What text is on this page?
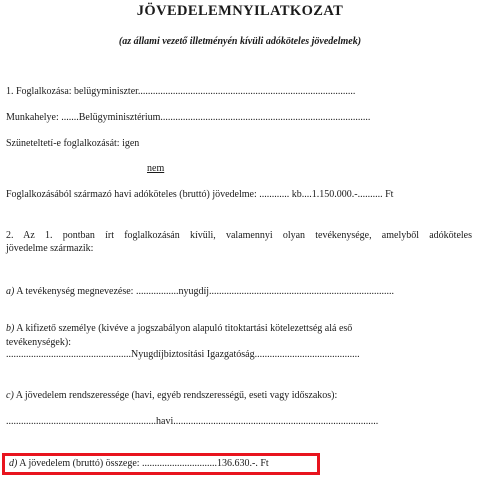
JÖVEDELEMNYILATKOZAT
(az állami vezető illetményén kívüli adóköteles jövedelmek)
1. Foglalkozása: belügyminiszter.......................................................................................
Munkahelye: .......Belügyminisztérium....................................................................................
Szüneteltetí-e foglalkozását: igen
nem
Foglalkozásából származó havi adóköteles (bruttó) jövedelme: ............ kb....1.150.000.-.......... Ft
2. Az 1. pontban írt foglalkozásán kívüli, valamennyi olyan tevékenysége, amelyből adóköteles
jövedelme származik:
a) A tevékenység megnevezése: .................nyugdíj..........................................................................
b) A kifizető személye (kivéve a jogszabályon alapuló titoktartási kötelezettség alá eső
tevékenységek):
..................................................Nyugdíjbiztosítási Igazgatóság..........................................
c) A jövedelem rendszeressége (havi, egyéb rendszerességű, eseti vagy időszakos):
............................................................havi..................................................................................
d) A jövedelem (bruttó) összege: ..............................136.630.-. Ft
